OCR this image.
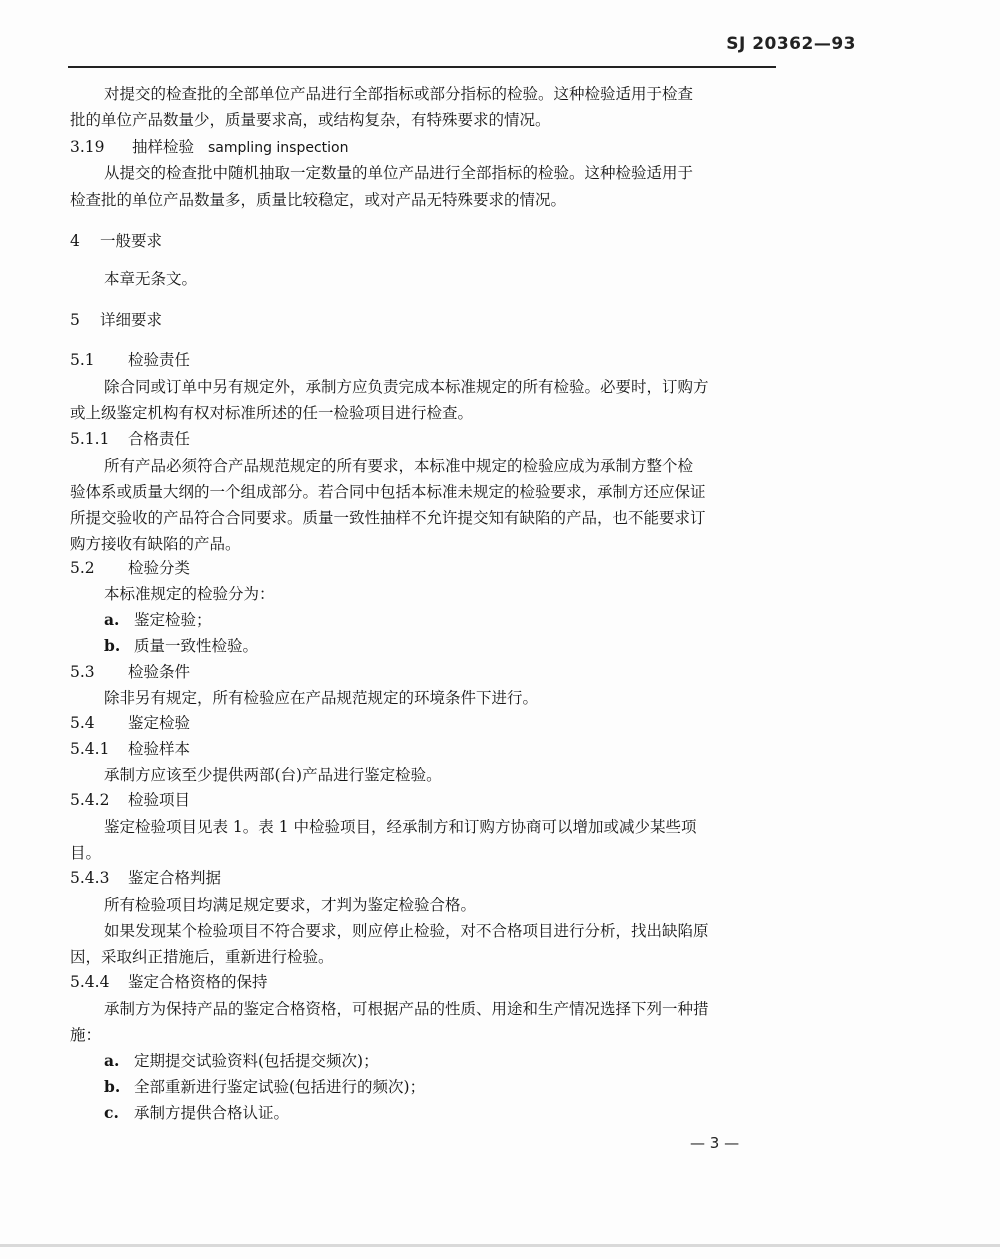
SJ 20362—93
对提交的检查批的全部单位产品进行全部指标或部分指标的检验。这种检验适用于检查
批的单位产品数量少，质量要求高，或结构复杂，有特殊要求的情况。
3.19 抽样检验 sampling inspection
从提交的检查批中随机抽取一定数量的单位产品进行全部指标的检验。这种检验适用于
检查批的单位产品数量多，质量比较稳定，或对产品无特殊要求的情况。
4 一般要求
本章无条文。
5 详细要求
5.1 检验责任
除合同或订单中另有规定外，承制方应负责完成本标准规定的所有检验。必要时，订购方
或上级鉴定机构有权对标准所述的任一检验项目进行检查。
5.1.1 合格责任
所有产品必须符合产品规范规定的所有要求，本标准中规定的检验应成为承制方整个检
验体系或质量大纲的一个组成部分。若合同中包括本标准未规定的检验要求，承制方还应保证
所提交验收的产品符合合同要求。质量一致性抽样不允许提交知有缺陷的产品，也不能要求订
购方接收有缺陷的产品。
5.2 检验分类
本标准规定的检验分为：
a. 鉴定检验；
b. 质量一致性检验。
5.3 检验条件
除非另有规定，所有检验应在产品规范规定的环境条件下进行。
5.4 鉴定检验
5.4.1 检验样本
承制方应该至少提供两部(台)产品进行鉴定检验。
5.4.2 检验项目
鉴定检验项目见表 1。表 1 中检验项目，经承制方和订购方协商可以增加或减少某些项
目。
5.4.3 鉴定合格判据
所有检验项目均满足规定要求，才判为鉴定检验合格。
如果发现某个检验项目不符合要求，则应停止检验，对不合格项目进行分析，找出缺陷原
因，采取纠正措施后，重新进行检验。
5.4.4 鉴定合格资格的保持
承制方为保持产品的鉴定合格资格，可根据产品的性质、用途和生产情况选择下列一种措
施：
a. 定期提交试验资料(包括提交频次)；
b. 全部重新进行鉴定试验(包括进行的频次)；
c. 承制方提供合格认证。
— 3 —
